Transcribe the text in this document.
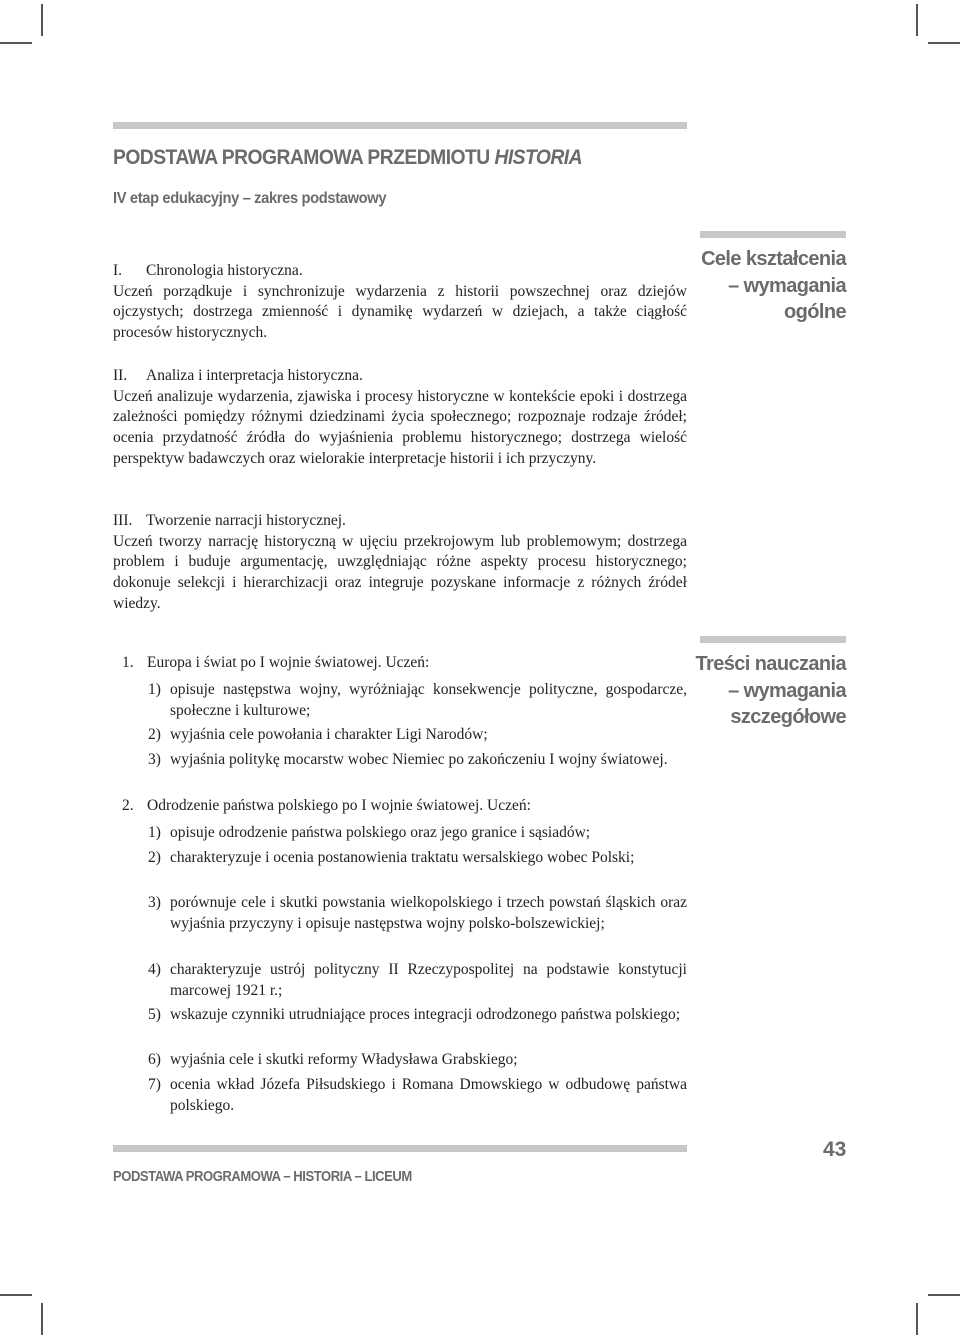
PODSTAWA PROGRAMOWA PRZEDMIOTU HISTORIA
IV etap edukacyjny – zakres podstawowy
Cele kształcenia
– wymagania
ogólne
I. Chronologia historyczna.
Uczeń porządkuje i synchronizuje wydarzenia z historii powszechnej oraz dziejów ojczystych; dostrzega zmienność i dynamikę wydarzeń w dziejach, a także ciągłość procesów historycznych.
II. Analiza i interpretacja historyczna.
Uczeń analizuje wydarzenia, zjawiska i procesy historyczne w kontekście epoki i dostrzega zależności pomiędzy różnymi dziedzinami życia społecznego; rozpoznaje rodzaje źródeł; ocenia przydatność źródła do wyjaśnienia problemu historycznego; dostrzega wielość perspektyw badawczych oraz wielorakie interpretacje historii i ich przyczyny.
III. Tworzenie narracji historycznej.
Uczeń tworzy narrację historyczną w ujęciu przekrojowym lub problemowym; dostrzega problem i buduje argumentację, uwzględniając różne aspekty procesu historycznego; dokonuje selekcji i hierarchizacji oraz integruje pozyskane informacje z różnych źródeł wiedzy.
Treści nauczania
– wymagania
szczegółowe
1. Europa i świat po I wojnie światowej. Uczeń:
1) opisuje następstwa wojny, wyróżniając konsekwencje polityczne, gospodarcze, społeczne i kulturowe;
2) wyjaśnia cele powołania i charakter Ligi Narodów;
3) wyjaśnia politykę mocarstw wobec Niemiec po zakończeniu I wojny światowej.
2. Odrodzenie państwa polskiego po I wojnie światowej. Uczeń:
1) opisuje odrodzenie państwa polskiego oraz jego granice i sąsiadów;
2) charakteryzuje i ocenia postanowienia traktatu wersalskiego wobec Polski;
3) porównuje cele i skutki powstania wielkopolskiego i trzech powstań śląskich oraz wyjaśnia przyczyny i opisuje następstwa wojny polsko-bolszewickiej;
4) charakteryzuje ustrój polityczny II Rzeczypospolitej na podstawie konstytucji marcowej 1921 r.;
5) wskazuje czynniki utrudniające proces integracji odrodzonego państwa polskiego;
6) wyjaśnia cele i skutki reformy Władysława Grabskiego;
7) ocenia wkład Józefa Piłsudskiego i Romana Dmowskiego w odbudowę państwa polskiego.
PODSTAWA PROGRAMOWA – HISTORIA – LICEUM
43
